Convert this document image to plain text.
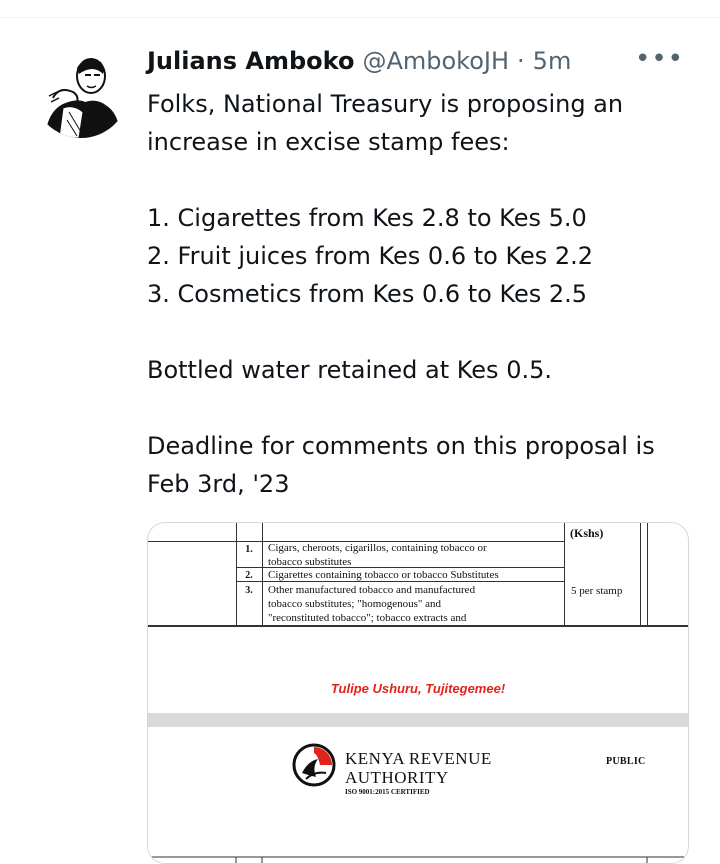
Julians Amboko @AmbokoJH · 5m •••

Folks, National Treasury is proposing an

increase in excise stamp fees:

1. Cigarettes from Kes 2.8 to Kes 5.0

2. Fruit juices from Kes 0.6 to Kes 2.2

3. Cosmetics from Kes 0.6 to Kes 2.5

Bottled water retained at Kes 0.5.

Deadline for comments on this proposal is

Feb 3rd, '23

(Kshs)
1. Cigars, cheroots, cigarillos, containing tobacco or
tobacco substitutes
2. Cigarettes containing tobacco or tobacco Substitutes
3. Other manufactured tobacco and manufactured
tobacco substitutes; "homogenous" and
"reconstituted tobacco"; tobacco extracts and
5 per stamp
Tulipe Ushuru, Tujitegemee!
KENYA REVENUE
AUTHORITY
ISO 9001:2015 CERTIFIED
PUBLIC
